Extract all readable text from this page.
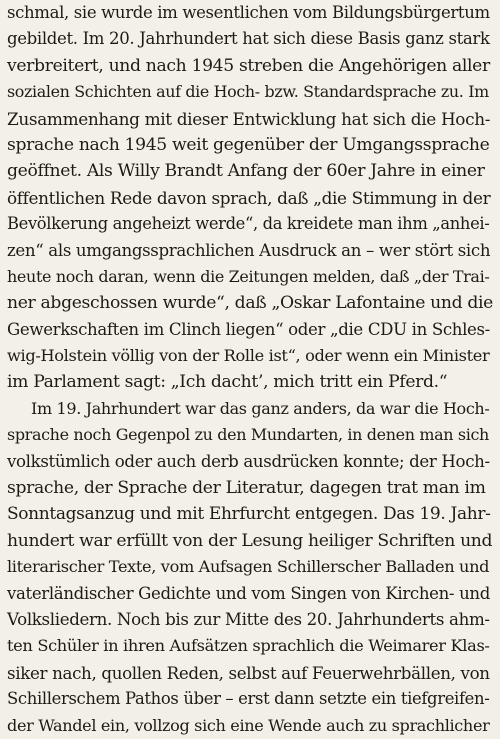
schmal, sie wurde im wesentlichen vom Bildungsbürgertum
gebildet. Im 20. Jahrhundert hat sich diese Basis ganz stark
verbreitert, und nach 1945 streben die Angehörigen aller
sozialen Schichten auf die Hoch- bzw. Standardsprache zu. Im
Zusammenhang mit dieser Entwicklung hat sich die Hoch-
sprache nach 1945 weit gegenüber der Umgangssprache
geöffnet. Als Willy Brandt Anfang der 60er Jahre in einer
öffentlichen Rede davon sprach, daß „die Stimmung in der
Bevölkerung angeheizt werde“, da kreidete man ihm „anhei-
zen“ als umgangssprachlichen Ausdruck an – wer stört sich
heute noch daran, wenn die Zeitungen melden, daß „der Trai-
ner abgeschossen wurde“, daß „Oskar Lafontaine und die
Gewerkschaften im Clinch liegen“ oder „die CDU in Schles-
wig-Holstein völlig von der Rolle ist“, oder wenn ein Minister
im Parlament sagt: „Ich dacht’, mich tritt ein Pferd.“
Im 19. Jahrhundert war das ganz anders, da war die Hoch-
sprache noch Gegenpol zu den Mundarten, in denen man sich
volkstümlich oder auch derb ausdrücken konnte; der Hoch-
sprache, der Sprache der Literatur, dagegen trat man im
Sonntagsanzug und mit Ehrfurcht entgegen. Das 19. Jahr-
hundert war erfüllt von der Lesung heiliger Schriften und
literarischer Texte, vom Aufsagen Schillerscher Balladen und
vaterländischer Gedichte und vom Singen von Kirchen- und
Volksliedern. Noch bis zur Mitte des 20. Jahrhunderts ahm-
ten Schüler in ihren Aufsätzen sprachlich die Weimarer Klas-
siker nach, quollen Reden, selbst auf Feuerwehrbällen, von
Schillerschem Pathos über – erst dann setzte ein tiefgreifen-
der Wandel ein, vollzog sich eine Wende auch zu sprachlicher
